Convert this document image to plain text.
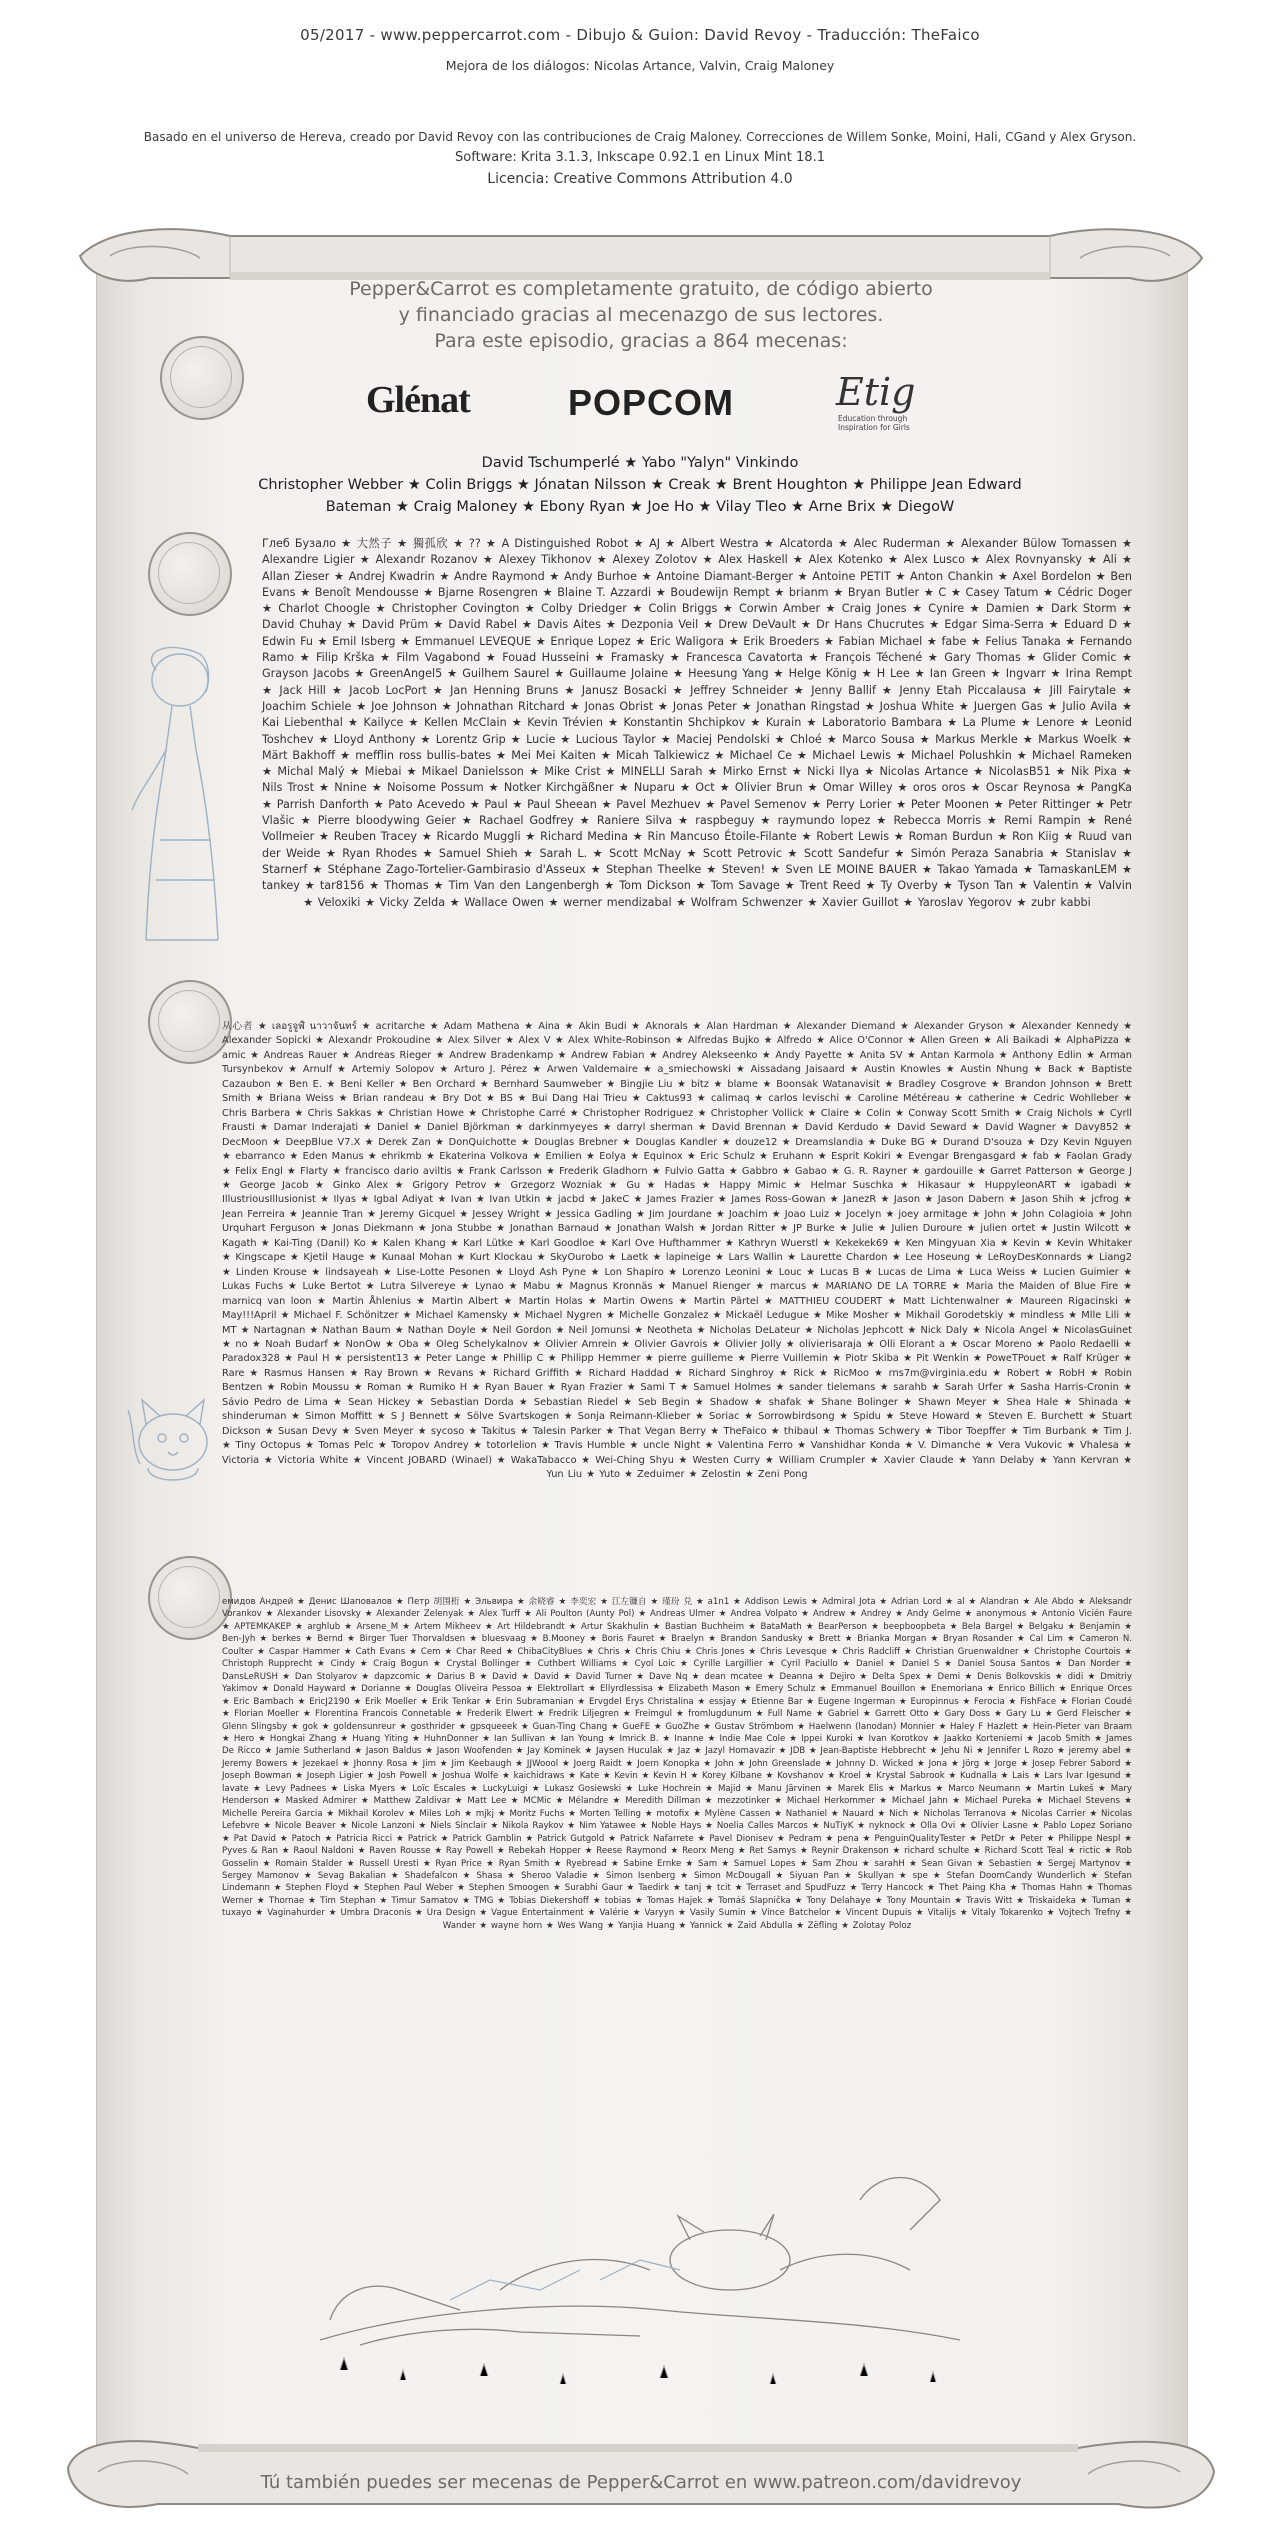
05/2017 - www.peppercarrot.com - Dibujo & Guion: David Revoy - Traducción: TheFaico
Mejora de los diálogos: Nicolas Artance, Valvin, Craig Maloney
Basado en el universo de Hereva, creado por David Revoy con las contribuciones de Craig Maloney. Correcciones de Willem Sonke, Moini, Hali, CGand y Alex Gryson.
Software: Krita 3.1.3, Inkscape 0.92.1 en Linux Mint 18.1
Licencia: Creative Commons Attribution 4.0
Pepper&Carrot es completamente gratuito, de código abierto
y financiado gracias al mecenazgo de sus lectores.
Para este episodio, gracias a 864 mecenas:
Glénat	POPCOM	Etig
Education through Inspiration for Girls
David Tschumperlé ★ Yabo "Yalyn" Vinkindo
Christopher Webber ★ Colin Briggs ★ Jónatan Nilsson ★ Creak ★ Brent Houghton ★ Philippe Jean Edward
Bateman ★ Craig Maloney ★ Ebony Ryan ★ Joe Ho ★ Vilay Tleo ★ Arne Brix ★ DiegoW
Глеб Бузало ★ 大然子 ★ 獨孤欣 ★ ?? ★ A Distinguished Robot ★ AJ ★ Albert Westra ★ Alcatorda ★ Alec Ruderman ★ Alexander Bülow Tomassen ★ Alexandre Ligier ★ Alexandr Rozanov ★ Alexey Tikhonov ★ Alexey Zolotov ★ Alex Haskell ★ Alex Kotenko ★ Alex Lusco ★ Alex Rovnyansky ★ Ali ★ Allan Zieser ★ Andrej Kwadrin ★ Andre Raymond ★ Andy Burhoe ★ Antoine Diamant-Berger ★ Antoine PETIT ★ Anton Chankin ★ Axel Bordelon ★ Ben Evans ★ Benoît Mendousse ★ Bjarne Rosengren ★ Blaine T. Azzardi ★ Boudewijn Rempt ★ brianm ★ Bryan Butler ★ C ★ Casey Tatum ★ Cédric Doger ★ Charlot Choogle ★ Christopher Covington ★ Colby Driedger ★ Colin Briggs ★ Corwin Amber ★ Craig Jones ★ Cynire ★ Damien ★ Dark Storm ★ David Chuhay ★ David Prüm ★ David Rabel ★ Davis Aites ★ Dezponia Veil ★ Drew DeVault ★ Dr Hans Chucrutes ★ Edgar Sima-Serra ★ Eduard D ★ Edwin Fu ★ Emil Isberg ★ Emmanuel LEVEQUE ★ Enrique Lopez ★ Eric Waligora ★ Erik Broeders ★ Fabian Michael ★ fabe ★ Felius Tanaka ★ Fernando Ramo ★ Filip Krška ★ Film Vagabond ★ Fouad Husseini ★ Framasky ★ Francesca Cavatorta ★ François Téchené ★ Gary Thomas ★ Glider Comic ★ Grayson Jacobs ★ GreenAngel5 ★ Guilhem Saurel ★ Guillaume Jolaine ★ Heesung Yang ★ Helge König ★ H Lee ★ Ian Green ★ Ingvarr ★ Irina Rempt ★ Jack Hill ★ Jacob LocPort ★ Jan Henning Bruns ★ Janusz Bosacki ★ Jeffrey Schneider ★ Jenny Ballif ★ Jenny Etah Piccalausa ★ Jill Fairytale ★ Joachim Schiele ★ Joe Johnson ★ Johnathan Ritchard ★ Jonas Obrist ★ Jonas Peter ★ Jonathan Ringstad ★ Joshua White ★ Juergen Gas ★ Julio Avila ★ Kai Liebenthal ★ Kailyce ★ Kellen McClain ★ Kevin Trévien ★ Konstantin Shchipkov ★ Kurain ★ Laboratorio Bambara ★ La Plume ★ Lenore ★ Leonid Toshchev ★ Lloyd Anthony ★ Lorentz Grip ★ Lucie ★ Lucious Taylor ★ Maciej Pendolski ★ Chloé ★ Marco Sousa ★ Markus Merkle ★ Markus Woelk ★ Märt Bakhoff ★ mefflin ross bullis-bates ★ Mei Mei Kaiten ★ Micah Talkiewicz ★ Michael Ce ★ Michael Lewis ★ Michael Polushkin ★ Michael Rameken ★ Michal Malý ★ Miebai ★ Mikael Danielsson ★ Mike Crist ★ MINELLI Sarah ★ Mirko Ernst ★ Nicki Ilya ★ Nicolas Artance ★ NicolasB51 ★ Nik Pixa ★ Nils Trost ★ Nnine ★ Noisome Possum ★ Notker Kirchgäßner ★ Nuparu ★ Oct ★ Olivier Brun ★ Omar Willey ★ oros oros ★ Oscar Reynosa ★ PangKa ★ Parrish Danforth ★ Pato Acevedo ★ Paul ★ Paul Sheean ★ Pavel Mezhuev ★ Pavel Semenov ★ Perry Lorier ★ Peter Moonen ★ Peter Rittinger ★ Petr Vlašic ★ Pierre bloodywing Geier ★ Rachael Godfrey ★ Raniere Silva ★ raspbeguy ★ raymundo lopez ★ Rebecca Morris ★ Remi Rampin ★ René Vollmeier ★ Reuben Tracey ★ Ricardo Muggli ★ Richard Medina ★ Rin Mancuso Étoile-Filante ★ Robert Lewis ★ Roman Burdun ★ Ron Kiig ★ Ruud van der Weide ★ Ryan Rhodes ★ Samuel Shieh ★ Sarah L. ★ Scott McNay ★ Scott Petrovic ★ Scott Sandefur ★ Simón Peraza Sanabria ★ Stanislav ★ Starnerf ★ Stéphane Zago-Tortelier-Gambirasio d'Asseux ★ Stephan Theelke ★ Steven! ★ Sven LE MOINE BAUER ★ Takao Yamada ★ TamaskanLEM ★ tankey ★ tar8156 ★ Thomas ★ Tim Van den Langenbergh ★ Tom Dickson ★ Tom Savage ★ Trent Reed ★ Ty Overby ★ Tyson Tan ★ Valentin ★ Valvin ★ Veloxiki ★ Vicky Zelda ★ Wallace Owen ★ werner mendizabal ★ Wolfram Schwenzer ★ Xavier Guillot ★ Yaroslav Yegorov ★ zubr kabbi
从心者 ★ เลอรูจูฬ์ นาวาจันทร์ ★ acritarche ★ Adam Mathena ★ Aina ★ Akin Budi ★ Aknorals ★ Alan Hardman ★ Alexander Diemand ★ Alexander Gryson ★ Alexander Kennedy ★ Alexander Sopicki ★ Alexandr Prokoudine ★ Alex Silver ★ Alex V ★ Alex White-Robinson ★ Alfredas Bujko ★ Alfredo ★ Alice O'Connor ★ Allen Green ★ Ali Baikadi ★ AlphaPizza ★ amic ★ Andreas Rauer ★ Andreas Rieger ★ Andrew Bradenkamp ★ Andrew Fabian ★ Andrey Alekseenko ★ Andy Payette ★ Anita SV ★ Antan Karmola ★ Anthony Edlin ★ Arman Tursynbekov ★ Arnulf ★ Artemiy Solopov ★ Arturo J. Pérez ★ Arwen Valdemaire ★ a_smiechowski ★ Aissadang Jaisaard ★ Austin Knowles ★ Austin Nhung ★ Back ★ Baptiste Cazaubon ★ Ben E. ★ Beni Keller ★ Ben Orchard ★ Bernhard Saumweber ★ Bingjie Liu ★ bitz ★ blame ★ Boonsak Watanavisit ★ Bradley Cosgrove ★ Brandon Johnson ★ Brett Smith ★ Briana Weiss ★ Brian randeau ★ Bry Dot ★ BS ★ Bui Dang Hai Trieu ★ Caktus93 ★ calimaq ★ carlos levischi ★ Caroline Météreau ★ catherine ★ Cedric Wohlleber ★ Chris Barbera ★ Chris Sakkas ★ Christian Howe ★ Christophe Carré ★ Christopher Rodriguez ★ Christopher Vollick ★ Claire ★ Colin ★ Conway Scott Smith ★ Craig Nichols ★ Cyrll Frausti ★ Damar Inderajati ★ Daniel ★ Daniel Björkman ★ darkinmyeyes ★ darryl sherman ★ David Brennan ★ David Kerdudo ★ David Seward ★ David Wagner ★ Davy852 ★ DecMoon ★ DeepBlue V7.X ★ Derek Zan ★ DonQuichotte ★ Douglas Brebner ★ Douglas Kandler ★ douze12 ★ Dreamslandia ★ Duke BG ★ Durand D'souza ★ Dzy Kevin Nguyen ★ ebarranco ★ Eden Manus ★ ehrikmb ★ Ekaterina Volkova ★ Emilien ★ Eolya ★ Equinox ★ Eric Schulz ★ Eruhann ★ Esprit Kokiri ★ Evengar Brengasgard ★ fab ★ Faolan Grady ★ Felix Engl ★ Flarty ★ francisco dario aviltis ★ Frank Carlsson ★ Frederik Gladhorn ★ Fulvio Gatta ★ Gabbro ★ Gabao ★ G. R. Rayner ★ gardouille ★ Garret Patterson ★ George J ★ George Jacob ★ Ginko Alex ★ Grigory Petrov ★ Grzegorz Wozniak ★ Gu ★ Hadas ★ Happy Mimic ★ Helmar Suschka ★ Hikasaur ★ HuppyleonART ★ igabadi ★ IllustriousIllusionist ★ Ilyas ★ Igbal Adiyat ★ Ivan ★ Ivan Utkin ★ jacbd ★ JakeC ★ James Frazier ★ James Ross-Gowan ★ JanezR ★ Jason ★ Jason Dabern ★ Jason Shih ★ jcfrog ★ Jean Ferreira ★ Jeannie Tran ★ Jeremy Gicquel ★ Jessey Wright ★ Jessica Gadling ★ Jim Jourdane ★ Joachim ★ Joao Luiz ★ Jocelyn ★ joey armitage ★ John ★ John Colagioia ★ John Urquhart Ferguson ★ Jonas Diekmann ★ Jona Stubbe ★ Jonathan Barnaud ★ Jonathan Walsh ★ Jordan Ritter ★ JP Burke ★ Julie ★ Julien Duroure ★ julien ortet ★ Justin Wilcott ★ Kagath ★ Kai-Ting (Danil) Ko ★ Kalen Khang ★ Karl Lütke ★ Karl Goodloe ★ Karl Ove Hufthammer ★ Kathryn Wuerstl ★ Kekekek69 ★ Ken Mingyuan Xia ★ Kevin ★ Kevin Whitaker ★ Kingscape ★ Kjetil Hauge ★ Kunaal Mohan ★ Kurt Klockau ★ SkyOurobo ★ Laetk ★ lapineige ★ Lars Wallin ★ Laurette Chardon ★ Lee Hoseung ★ LeRoyDesKonnards ★ Liang2 ★ Linden Krouse ★ lindsayeah ★ Lise-Lotte Pesonen ★ Lloyd Ash Pyne ★ Lon Shapiro ★ Lorenzo Leonini ★ Louc ★ Lucas B ★ Lucas de Lima ★ Luca Weiss ★ Lucien Guimier ★ Lukas Fuchs ★ Luke Bertot ★ Lutra Silvereye ★ Lynao ★ Mabu ★ Magnus Kronnäs ★ Manuel Rienger ★ marcus ★ MARIANO DE LA TORRE ★ Maria the Maiden of Blue Fire ★ marnicq van loon ★ Martin Åhlenius ★ Martin Albert ★ Martin Holas ★ Martin Owens ★ Martin Pärtel ★ MATTHIEU COUDERT ★ Matt Lichtenwalner ★ Maureen Rigacinski ★ May!!!April ★ Michael F. Schönitzer ★ Michael Kamensky ★ Michael Nygren ★ Michelle Gonzalez ★ Mickaël Ledugue ★ Mike Mosher ★ Mikhail Gorodetskiy ★ mindless ★ Mlle Lili ★ MT ★ Nartagnan ★ Nathan Baum ★ Nathan Doyle ★ Neil Gordon ★ Neil Jomunsi ★ Neotheta ★ Nicholas DeLateur ★ Nicholas Jephcott ★ Nick Daly ★ Nicola Angel ★ NicolasGuinet ★ no ★ Noah Budarf ★ NonOw ★ Oba ★ Oleg Schelykalnov ★ Olivier Amrein ★ Olivier Gavrois ★ Olivier Jolly ★ olivierisaraja ★ Olli Elorant a ★ Oscar Moreno ★ Paolo Redaelli ★ Paradox328 ★ Paul H ★ persistent13 ★ Peter Lange ★ Phillip C ★ Philipp Hemmer ★ pierre guilleme ★ Pierre Vuillemin ★ Piotr Skiba ★ Pit Wenkin ★ PoweTPouet ★ Ralf Krüger ★ Rare ★ Rasmus Hansen ★ Ray Brown ★ Revans ★ Richard Griffith ★ Richard Haddad ★ Richard Singhroy ★ Rick ★ RicMoo ★ rns7m@virginia.edu ★ Robert ★ RobH ★ Robin Bentzen ★ Robin Moussu ★ Roman ★ Rumiko H ★ Ryan Bauer ★ Ryan Frazier ★ Sami T ★ Samuel Holmes ★ sander tielemans ★ sarahb ★ Sarah Urfer ★ Sasha Harris-Cronin ★ Sávio Pedro de Lima ★ Sean Hickey ★ Sebastian Dorda ★ Sebastian Riedel ★ Seb Begin ★ Shadow ★ shafak ★ Shane Bolinger ★ Shawn Meyer ★ Shea Hale ★ Shinada ★ shinderuman ★ Simon Moffitt ★ S J Bennett ★ Sölve Svartskogen ★ Sonja Reimann-Klieber ★ Soriac ★ Sorrowbirdsong ★ Spidu ★ Steve Howard ★ Steven E. Burchett ★ Stuart Dickson ★ Susan Devy ★ Sven Meyer ★ sycoso ★ Takitus ★ Talesin Parker ★ That Vegan Berry ★ TheFaico ★ thibaul ★ Thomas Schwery ★ Tibor Toepffer ★ Tim Burbank ★ Tim J. ★ Tiny Octopus ★ Tomas Pelc ★ Toropov Andrey ★ totorlelion ★ Travis Humble ★ uncle Night ★ Valentina Ferro ★ Vanshidhar Konda ★ V. Dimanche ★ Vera Vukovic ★ Vhalesa ★ Victoria ★ Victoria White ★ Vincent JOBARD (Winael) ★ WakaTabacco ★ Wei-Ching Shyu ★ Westen Curry ★ William Crumpler ★ Xavier Claude ★ Yann Delaby ★ Yann Kervran ★ Yun Liu ★ Yuto ★ Zeduimer ★ Zelostin ★ Zeni Pong
емидов Андрей ★ Денис Шаповалов ★ Петр 胡围桁 ★ Эльвира ★ 余晓睿 ★ 李奕宏 ★ 江左镰自 ★ 瑾玢 兑 ★ a1n1 ★ Addison Lewis ★ Admiral Jota ★ Adrian Lord ★ al ★ Alandran ★ Ale Abdo ★ Aleksandr Vorankov ★ Alexander Lisovsky ★ Alexander Zelenyak ★ Alex Turff ★ Ali Poulton (Aunty Pol) ★ Andreas Ulmer ★ Andrea Volpato ★ Andrew ★ Andrey ★ Andy Gelme ★ anonymous ★ Antonio Vicién Faure ★ APTEMKAKEP ★ arghlub ★ Arsene_M ★ Artem Mikheev ★ Art Hildebrandt ★ Artur Skakhulin ★ Bastian Buchheim ★ BataMath ★ BearPerson ★ beepboopbeta ★ Bela Bargel ★ Belgaku ★ Benjamin ★ Ben-Jyh ★ berkes ★ Bernd ★ Birger Tuer Thorvaldsen ★ bluesvaag ★ B.Mooney ★ Boris Fauret ★ Braelyn ★ Brandon Sandusky ★ Brett ★ Brianka Morgan ★ Bryan Rosander ★ Cal Lim ★ Cameron N. Coulter ★ Caspar Hammer ★ Cath Evans ★ Cem ★ Char Reed ★ ChibaCityBlues ★ Chris ★ Chris Chiu ★ Chris Jones ★ Chris Levesque ★ Chris Radcliff ★ Christian Gruenwaldner ★ Christophe Courtois ★ Christoph Rupprecht ★ Cindy ★ Craig Bogun ★ Crystal Bollinger ★ Cuthbert Williams ★ Cyol Loic ★ Cyrille Largillier ★ Cyril Paciullo ★ Daniel ★ Daniel S ★ Daniel Sousa Santos ★ Dan Norder ★ DansLeRUSH ★ Dan Stolyarov ★ dapzcomic ★ Darius B ★ David ★ David ★ David Turner ★ Dave Nq ★ dean mcatee ★ Deanna ★ Dejiro ★ Delta Spex ★ Demi ★ Denis Bolkovskis ★ didi ★ Dmitriy Yakimov ★ Donald Hayward ★ Dorianne ★ Douglas Oliveira Pessoa ★ Elektrollart ★ Ellyrdlessisa ★ Elizabeth Mason ★ Emery Schulz ★ Emmanuel Bouillon ★ Enemoriana ★ Enrico Billich ★ Enrique Orces ★ Eric Bambach ★ EricJ2190 ★ Erik Moeller ★ Erik Tenkar ★ Erin Subramanian ★ Ervgdel Erys Christalina ★ essjay ★ Etienne Bar ★ Eugene Ingerman ★ Europinnus ★ Ferocia ★ FishFace ★ Florian Coudé ★ Florian Moeller ★ Florentina Francois Connetable ★ Frederik Elwert ★ Fredrik Liljegren ★ Freimgul ★ fromlugdunum ★ Full Name ★ Gabriel ★ Garrett Otto ★ Gary Doss ★ Gary Lu ★ Gerd Fleischer ★ Glenn Slingsby ★ gok ★ goldensunreur ★ gosthrider ★ gpsqueeek ★ Guan-Ting Chang ★ GueFE ★ GuoZhe ★ Gustav Strömbom ★ Haelwenn (lanodan) Monnier ★ Haley F Hazlett ★ Hein-Pieter van Braam ★ Hero ★ Hongkai Zhang ★ Huang Yiting ★ HuhnDonner ★ Ian Sullivan ★ Ian Young ★ Imrick B. ★ Inanne ★ Indie Mae Cole ★ Ippei Kuroki ★ Ivan Korotkov ★ Jaakko Korteniemi ★ Jacob Smith ★ James De Ricco ★ Jamie Sutherland ★ Jason Baldus ★ Jason Woofenden ★ Jay Kominek ★ Jaysen Huculak ★ Jaz ★ Jazyl Homavazir ★ JDB ★ Jean-Baptiste Hebbrecht ★ Jehu Ni ★ Jennifer L Rozo ★ jeremy abel ★ Jeremy Bowers ★ Jezekael ★ Jhonny Rosa ★ Jim ★ Jim Keebaugh ★ JJWoool ★ Joerg Raidt ★ Joern Konopka ★ John ★ John Greenslade ★ Johnny D. Wicked ★ Jona ★ Jörg ★ Jorge ★ Josep Febrer Sabord ★ Joseph Bowman ★ Joseph Ligier ★ Josh Powell ★ Joshua Wolfe ★ kaichidraws ★ Kate ★ Kevin ★ Kevin H ★ Korey Kilbane ★ Kovshanov ★ Kroel ★ Krystal Sabrook ★ Kudnalla ★ Lais ★ Lars Ivar Igesund ★ lavate ★ Levy Padnees ★ Liska Myers ★ Loïc Escales ★ LuckyLuigi ★ Lukasz Gosiewski ★ Luke Hochrein ★ Majid ★ Manu Järvinen ★ Marek Elis ★ Markus ★ Marco Neumann ★ Martin Lukeš ★ Mary Henderson ★ Masked Admirer ★ Matthew Zaldivar ★ Matt Lee ★ MCMic ★ Mélandre ★ Meredith Dillman ★ mezzotinker ★ Michael Herkommer ★ Michael Jahn ★ Michael Pureka ★ Michael Stevens ★ Michelle Pereira Garcia ★ Mikhail Korolev ★ Miles Loh ★ mjkj ★ Moritz Fuchs ★ Morten Telling ★ motofix ★ Mylène Cassen ★ Nathaniel ★ Nauard ★ Nich ★ Nicholas Terranova ★ Nicolas Carrier ★ Nicolas Lefebvre ★ Nicole Beaver ★ Nicole Lanzoni ★ Niels Sinclair ★ Nikola Raykov ★ Nim Yatawee ★ Noble Hays ★ Noelia Calles Marcos ★ NuTiyK ★ nyknock ★ Olla Ovi ★ Olivier Lasne ★ Pablo Lopez Soriano ★ Pat David ★ Patoch ★ Patricia Ricci ★ Patrick ★ Patrick Gamblin ★ Patrick Gutgold ★ Patrick Nafarrete ★ Pavel Dionisev ★ Pedram ★ pena ★ PenguinQualityTester ★ PetDr ★ Peter ★ Philippe Nespl ★ Pyves & Ran ★ Raoul Naldoni ★ Raven Rousse ★ Ray Powell ★ Rebekah Hopper ★ Reese Raymond ★ Reorx Meng ★ Ret Samys ★ Reynir Drakenson ★ richard schulte ★ Richard Scott Teal ★ rictic ★ Rob Gosselin ★ Romain Stalder ★ Russell Uresti ★ Ryan Price ★ Ryan Smith ★ Ryebread ★ Sabine Ernke ★ Sam ★ Samuel Lopes ★ Sam Zhou ★ sarahH ★ Sean Givan ★ Sebastien ★ Sergej Martynov ★ Sergey Mamonov ★ Sevag Bakalian ★ Shadefalcon ★ Shasa ★ Sheroo Valadie ★ Simon Isenberg ★ Simon McDougall ★ Siyuan Pan ★ Skullyan ★ spe ★ Stefan DoomCandy Wunderlich ★ Stefan Lindemann ★ Stephen Floyd ★ Stephen Paul Weber ★ Stephen Smoogen ★ Surabhi Gaur ★ Taedirk ★ tanj ★ tcit ★ Terraset and SpudFuzz ★ Terry Hancock ★ Thet Paing Kha ★ Thomas Hahn ★ Thomas Werner ★ Thornae ★ Tim Stephan ★ Timur Samatov ★ TMG ★ Tobias Diekershoff ★ tobias ★ Tomas Hajek ★ Tomáš Slapnička ★ Tony Delahaye ★ Tony Mountain ★ Travis Witt ★ Triskaideka ★ Tuman ★ tuxayo ★ Vaginahurder ★ Umbra Draconis ★ Ura Design ★ Vague Entertainment ★ Valérie ★ Varyyn ★ Vasily Sumin ★ Vince Batchelor ★ Vincent Dupuis ★ Vitalijs ★ Vitaly Tokarenko ★ Vojtech Trefny ★ Wander ★ wayne horn ★ Wes Wang ★ Yanjia Huang ★ Yannick ★ Zaid Abdulla ★ Zëfling ★ Zolotay Poloz
Tú también puedes ser mecenas de Pepper&Carrot en www.patreon.com/davidrevoy
